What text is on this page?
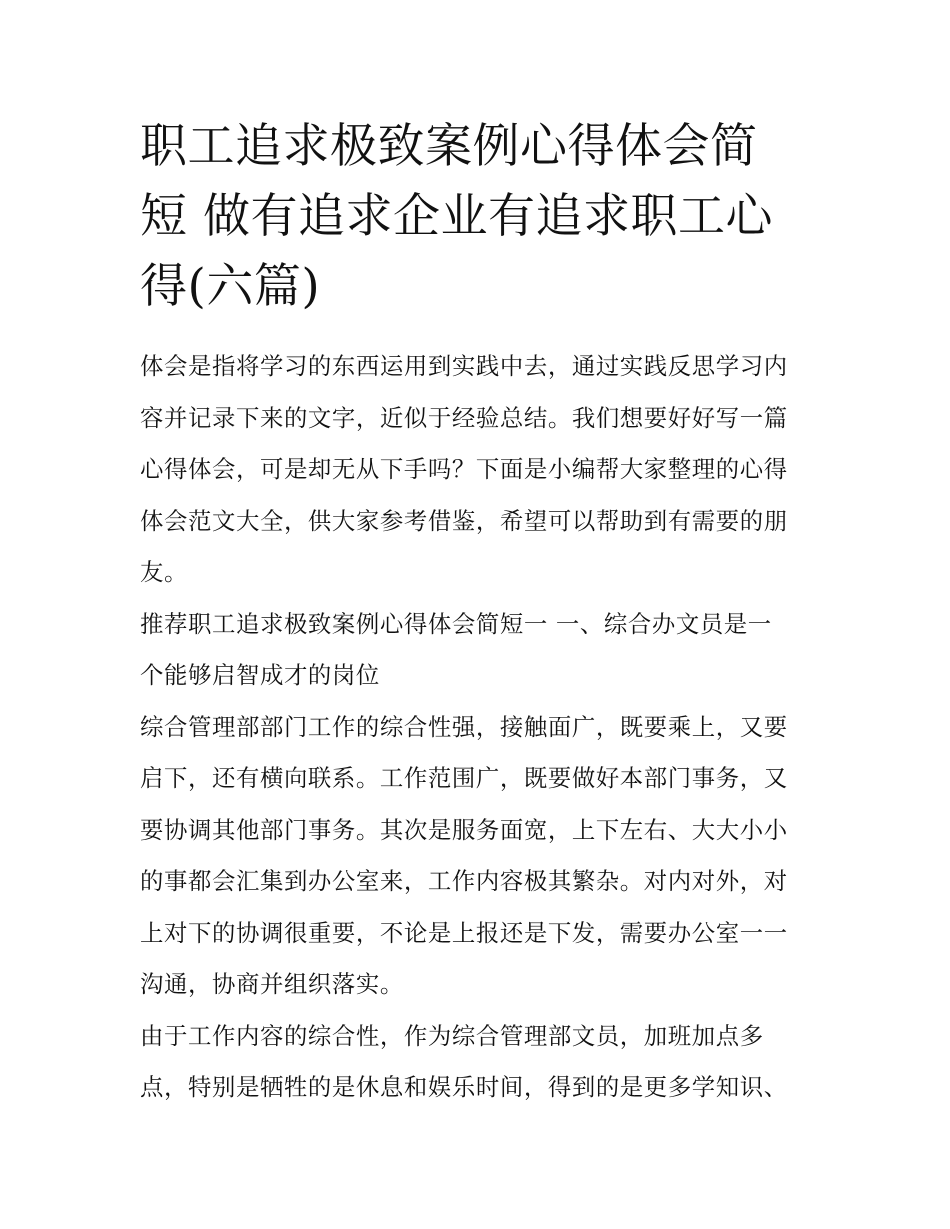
职工追求极致案例心得体会简
短 做有追求企业有追求职工心
得(六篇)

体会是指将学习的东西运用到实践中去，通过实践反思学习内
容并记录下来的文字，近似于经验总结。我们想要好好写一篇
心得体会，可是却无从下手吗？下面是小编帮大家整理的心得
体会范文大全，供大家参考借鉴，希望可以帮助到有需要的朋
友。

推荐职工追求极致案例心得体会简短一 一、综合办文员是一
个能够启智成才的岗位

综合管理部部门工作的综合性强，接触面广，既要乘上，又要
启下，还有横向联系。工作范围广，既要做好本部门事务，又
要协调其他部门事务。其次是服务面宽，上下左右、大大小小
的事都会汇集到办公室来，工作内容极其繁杂。对内对外，对
上对下的协调很重要，不论是上报还是下发，需要办公室一一
沟通，协商并组织落实。

由于工作内容的综合性，作为综合管理部文员，加班加点多
点，特别是牺牲的是休息和娱乐时间，得到的是更多学知识、
